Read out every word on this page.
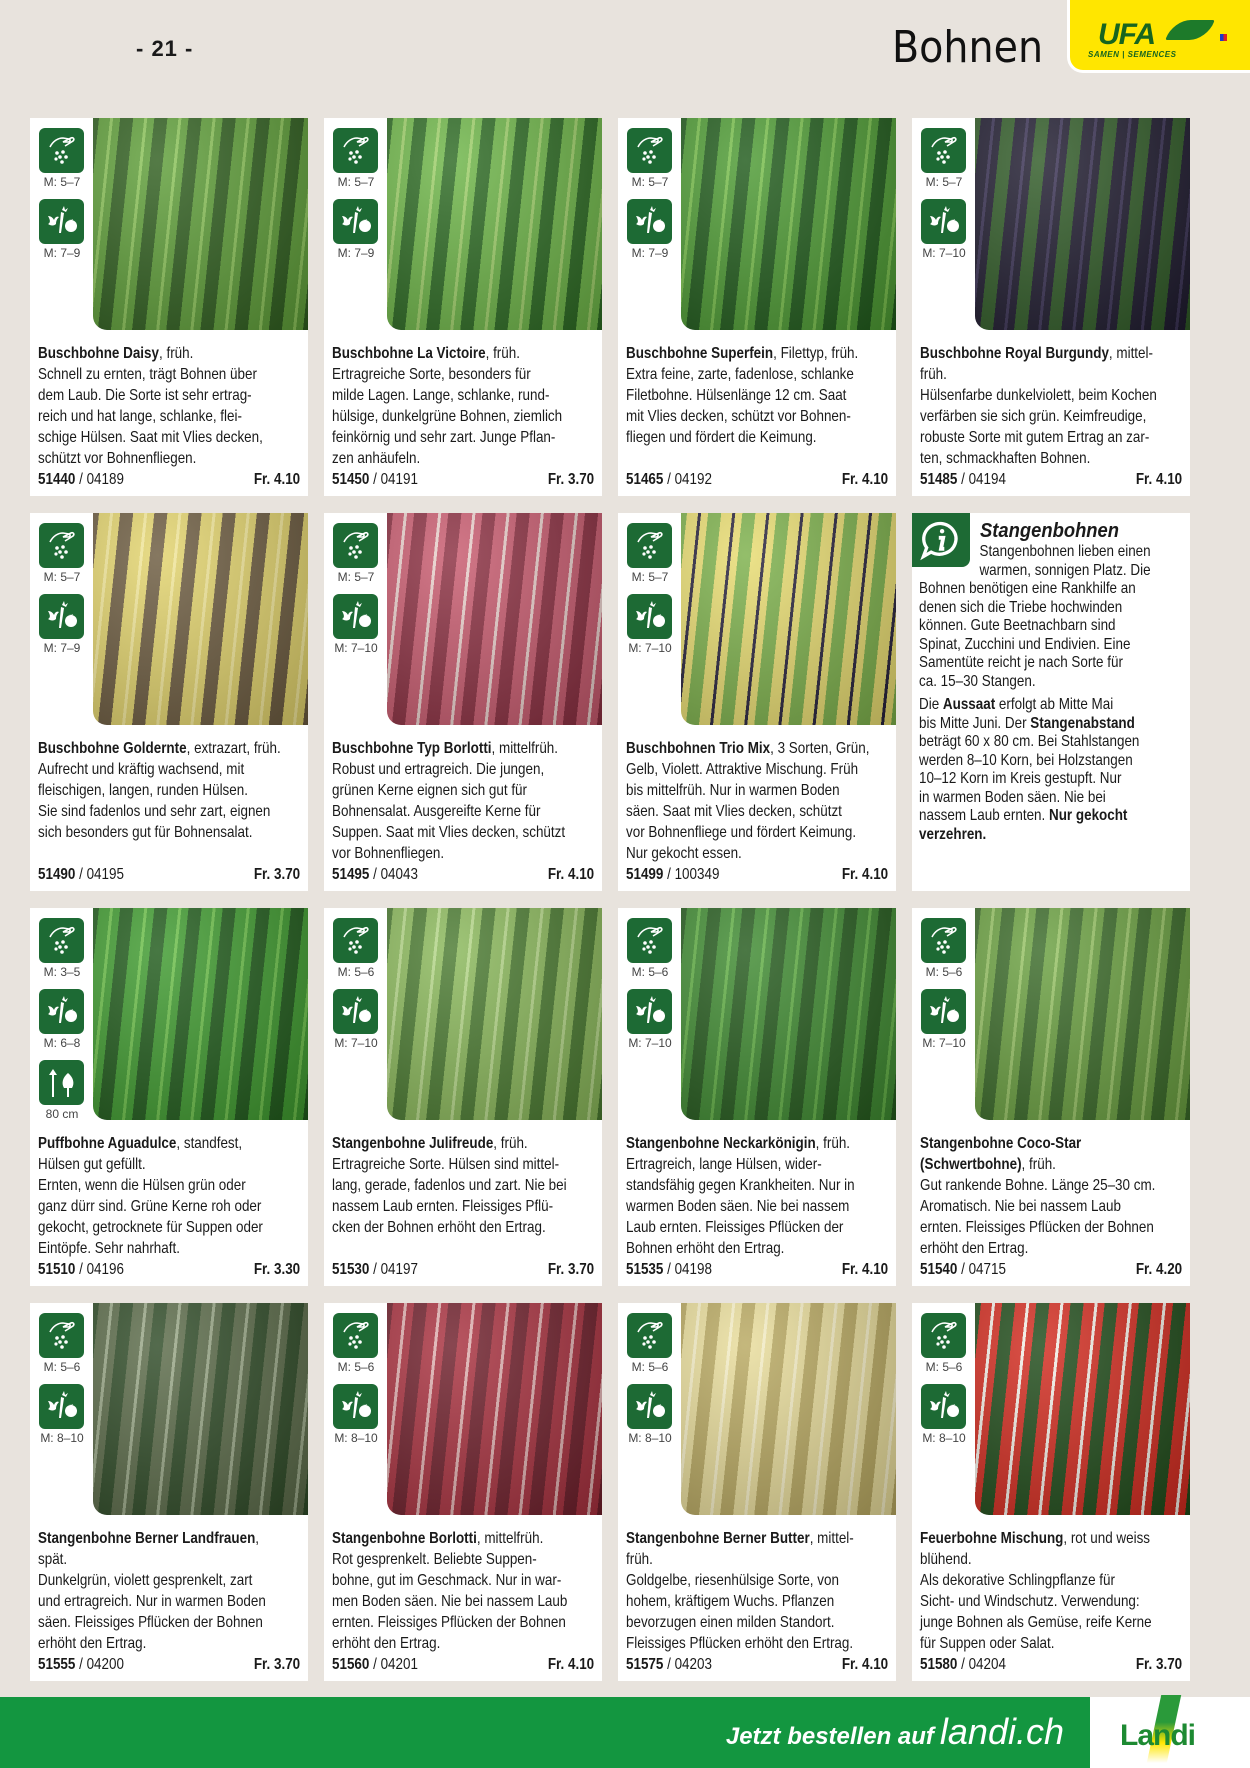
- 21 -	Bohnen UFA
SAMEN | SEMENCES
M: 5–7
M: 7–9
Buschbohne Daisy, früh.
Schnell zu ernten, trägt Bohnen über
dem Laub. Die Sorte ist sehr ertrag-
reich und hat lange, schlanke, flei-
schige Hülsen. Saat mit Vlies decken,
schützt vor Bohnenfliegen.
51440 / 04189	Fr. 4.10
M: 5–7
M: 7–9
Buschbohne La Victoire, früh.
Ertragreiche Sorte, besonders für
milde Lagen. Lange, schlanke, rund-
hülsige, dunkelgrüne Bohnen, ziemlich
feinkörnig und sehr zart. Junge Pflan-
zen anhäufeln.
51450 / 04191	Fr. 3.70
M: 5–7
M: 7–9
Buschbohne Superfein, Filettyp, früh.
Extra feine, zarte, fadenlose, schlanke
Filetbohne. Hülsenlänge 12 cm. Saat
mit Vlies decken, schützt vor Bohnen-
fliegen und fördert die Keimung.
51465 / 04192	Fr. 4.10
M: 5–7
M: 7–10
Buschbohne Royal Burgundy, mittel-
früh.
Hülsenfarbe dunkelviolett, beim Kochen
verfärben sie sich grün. Keimfreudige,
robuste Sorte mit gutem Ertrag an zar-
ten, schmackhaften Bohnen.
51485 / 04194	Fr. 4.10
M: 5–7
M: 7–9
Buschbohne Goldernte, extrazart, früh.
Aufrecht und kräftig wachsend, mit
fleischigen, langen, runden Hülsen.
Sie sind fadenlos und sehr zart, eignen
sich besonders gut für Bohnensalat.
51490 / 04195	Fr. 3.70
M: 5–7
M: 7–10
Buschbohne Typ Borlotti, mittelfrüh.
Robust und ertragreich. Die jungen,
grünen Kerne eignen sich gut für
Bohnensalat. Ausgereifte Kerne für
Suppen. Saat mit Vlies decken, schützt
vor Bohnenfliegen.
51495 / 04043	Fr. 4.10
M: 5–7
M: 7–10
Buschbohnen Trio Mix, 3 Sorten, Grün,
Gelb, Violett. Attraktive Mischung. Früh
bis mittelfrüh. Nur in warmen Boden
säen. Saat mit Vlies decken, schützt
vor Bohnenfliege und fördert Keimung.
Nur gekocht essen.
51499 / 100349	Fr. 4.10
Stangenbohnen
Stangenbohnen lieben einen
warmen, sonnigen Platz. Die
Bohnen benötigen eine Rankhilfe an
denen sich die Triebe hochwinden
können. Gute Beetnachbarn sind
Spinat, Zucchini und Endivien. Eine
Samentüte reicht je nach Sorte für
ca. 15–30 Stangen.
Die Aussaat erfolgt ab Mitte Mai
bis Mitte Juni. Der Stangenabstand
beträgt 60 x 80 cm. Bei Stahlstangen
werden 8–10 Korn, bei Holzstangen
10–12 Korn im Kreis gestupft. Nur
in warmen Boden säen. Nie bei
nassem Laub ernten. Nur gekocht
verzehren.
M: 3–5
M: 6–8
80 cm
Puffbohne Aguadulce, standfest,
Hülsen gut gefüllt.
Ernten, wenn die Hülsen grün oder
ganz dürr sind. Grüne Kerne roh oder
gekocht, getrocknete für Suppen oder
Eintöpfe. Sehr nahrhaft.
51510 / 04196	Fr. 3.30
M: 5–6
M: 7–10
Stangenbohne Julifreude, früh.
Ertragreiche Sorte. Hülsen sind mittel-
lang, gerade, fadenlos und zart. Nie bei
nassem Laub ernten. Fleissiges Pflü-
cken der Bohnen erhöht den Ertrag.
51530 / 04197	Fr. 3.70
M: 5–6
M: 7–10
Stangenbohne Neckarkönigin, früh.
Ertragreich, lange Hülsen, wider-
standsfähig gegen Krankheiten. Nur in
warmen Boden säen. Nie bei nassem
Laub ernten. Fleissiges Pflücken der
Bohnen erhöht den Ertrag.
51535 / 04198	Fr. 4.10
M: 5–6
M: 7–10
Stangenbohne Coco-Star
(Schwertbohne), früh.
Gut rankende Bohne. Länge 25–30 cm.
Aromatisch. Nie bei nassem Laub
ernten. Fleissiges Pflücken der Bohnen
erhöht den Ertrag.
51540 / 04715	Fr. 4.20
M: 5–6
M: 8–10
Stangenbohne Berner Landfrauen,
spät.
Dunkelgrün, violett gesprenkelt, zart
und ertragreich. Nur in warmen Boden
säen. Fleissiges Pflücken der Bohnen
erhöht den Ertrag.
51555 / 04200	Fr. 3.70
M: 5–6
M: 8–10
Stangenbohne Borlotti, mittelfrüh.
Rot gesprenkelt. Beliebte Suppen-
bohne, gut im Geschmack. Nur in war-
men Boden säen. Nie bei nassem Laub
ernten. Fleissiges Pflücken der Bohnen
erhöht den Ertrag.
51560 / 04201	Fr. 4.10
M: 5–6
M: 8–10
Stangenbohne Berner Butter, mittel-
früh.
Goldgelbe, riesenhülsige Sorte, von
hohem, kräftigem Wuchs. Pflanzen
bevorzugen einen milden Standort.
Fleissiges Pflücken erhöht den Ertrag.
51575 / 04203	Fr. 4.10
M: 5–6
M: 8–10
Feuerbohne Mischung, rot und weiss
blühend.
Als dekorative Schlingpflanze für
Sicht- und Windschutz. Verwendung:
junge Bohnen als Gemüse, reife Kerne
für Suppen oder Salat.
51580 / 04204	Fr. 3.70
Jetzt bestellen auf landi.ch Landi
